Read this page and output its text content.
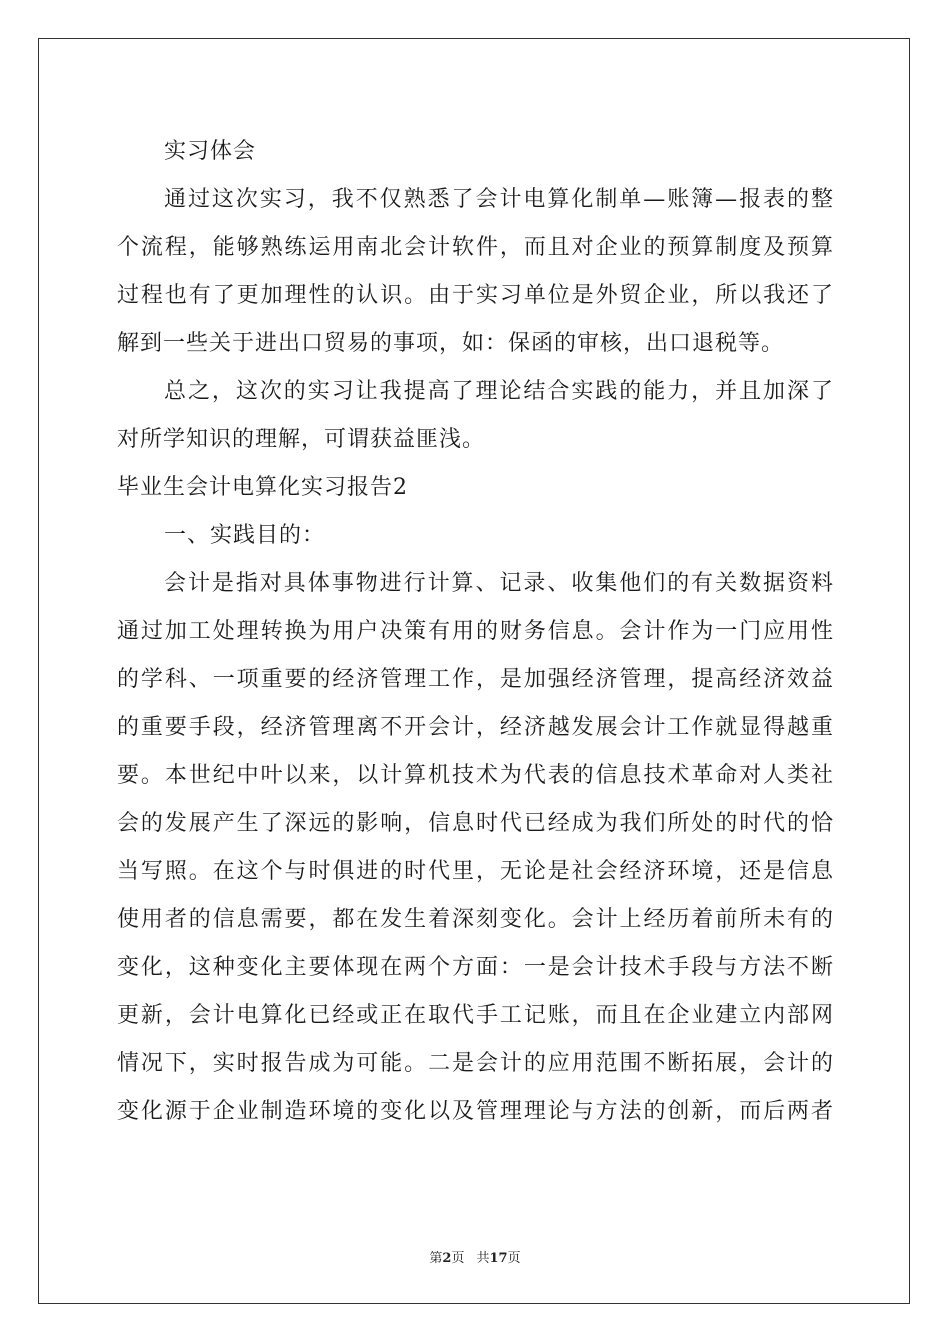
实习体会
通过这次实习，我不仅熟悉了会计电算化制单—账簿—报表的整
个流程，能够熟练运用南北会计软件，而且对企业的预算制度及预算
过程也有了更加理性的认识。由于实习单位是外贸企业，所以我还了
解到一些关于进出口贸易的事项，如：保函的审核，出口退税等。
总之，这次的实习让我提高了理论结合实践的能力，并且加深了
对所学知识的理解，可谓获益匪浅。
毕业生会计电算化实习报告2
一、实践目的：
会计是指对具体事物进行计算、记录、收集他们的有关数据资料
通过加工处理转换为用户决策有用的财务信息。会计作为一门应用性
的学科、一项重要的经济管理工作，是加强经济管理，提高经济效益
的重要手段，经济管理离不开会计，经济越发展会计工作就显得越重
要。本世纪中叶以来，以计算机技术为代表的信息技术革命对人类社
会的发展产生了深远的影响，信息时代已经成为我们所处的时代的恰
当写照。在这个与时俱进的时代里，无论是社会经济环境，还是信息
使用者的信息需要，都在发生着深刻变化。会计上经历着前所未有的
变化，这种变化主要体现在两个方面：一是会计技术手段与方法不断
更新，会计电算化已经或正在取代手工记账，而且在企业建立内部网
情况下，实时报告成为可能。二是会计的应用范围不断拓展，会计的
变化源于企业制造环境的变化以及管理理论与方法的创新，而后两者
第2页 共17页
